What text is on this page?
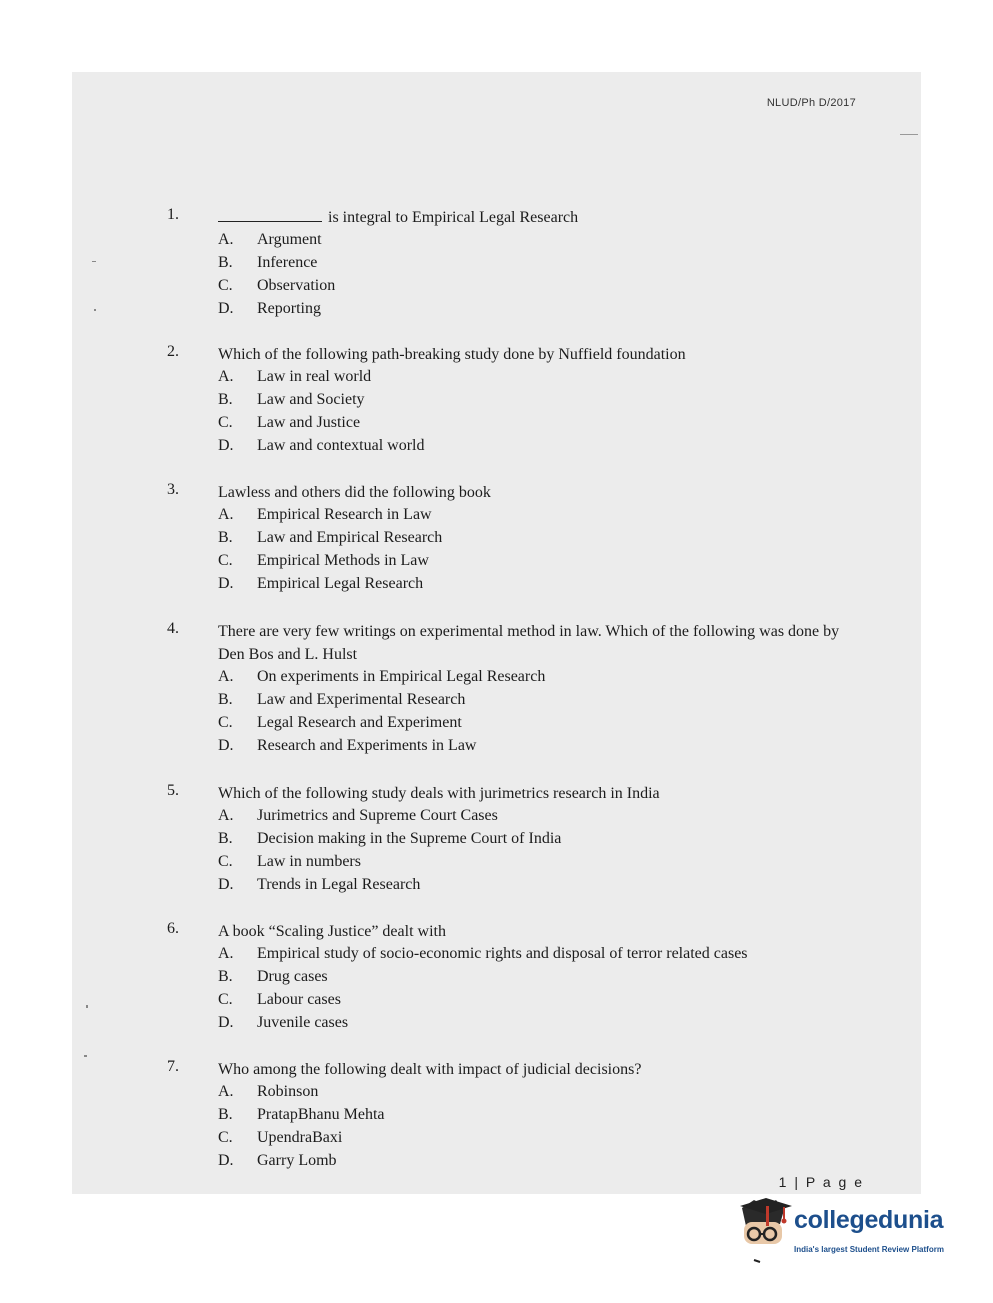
NLUD/Ph D/2017
1.	is integral to Empirical Legal Research
A. Argument
B. Inference
C. Observation
D. Reporting
2. Which of the following path-breaking study done by Nuffield foundation
A. Law in real world
B. Law and Society
C. Law and Justice
D. Law and contextual world
3. Lawless and others did the following book
A. Empirical Research in Law
B. Law and Empirical Research
C. Empirical Methods in Law
D. Empirical Legal Research
4. There are very few writings on experimental method in law. Which of the following was done by Den Bos and L. Hulst
A. On experiments in Empirical Legal Research
B. Law and Experimental Research
C. Legal Research and Experiment
D. Research and Experiments in Law
5. Which of the following study deals with jurimetrics research in India
A. Jurimetrics and Supreme Court Cases
B. Decision making in the Supreme Court of India
C. Law in numbers
D. Trends in Legal Research
6. A book “Scaling Justice” dealt with
A. Empirical study of socio-economic rights and disposal of terror related cases
B. Drug cases
C. Labour cases
D. Juvenile cases
7. Who among the following dealt with impact of judicial decisions?
A. Robinson
B. PratapBhanu Mehta
C. UpendraBaxi
D. Garry Lomb
1 | P a g e
collegedunia
India's largest Student Review Platform
